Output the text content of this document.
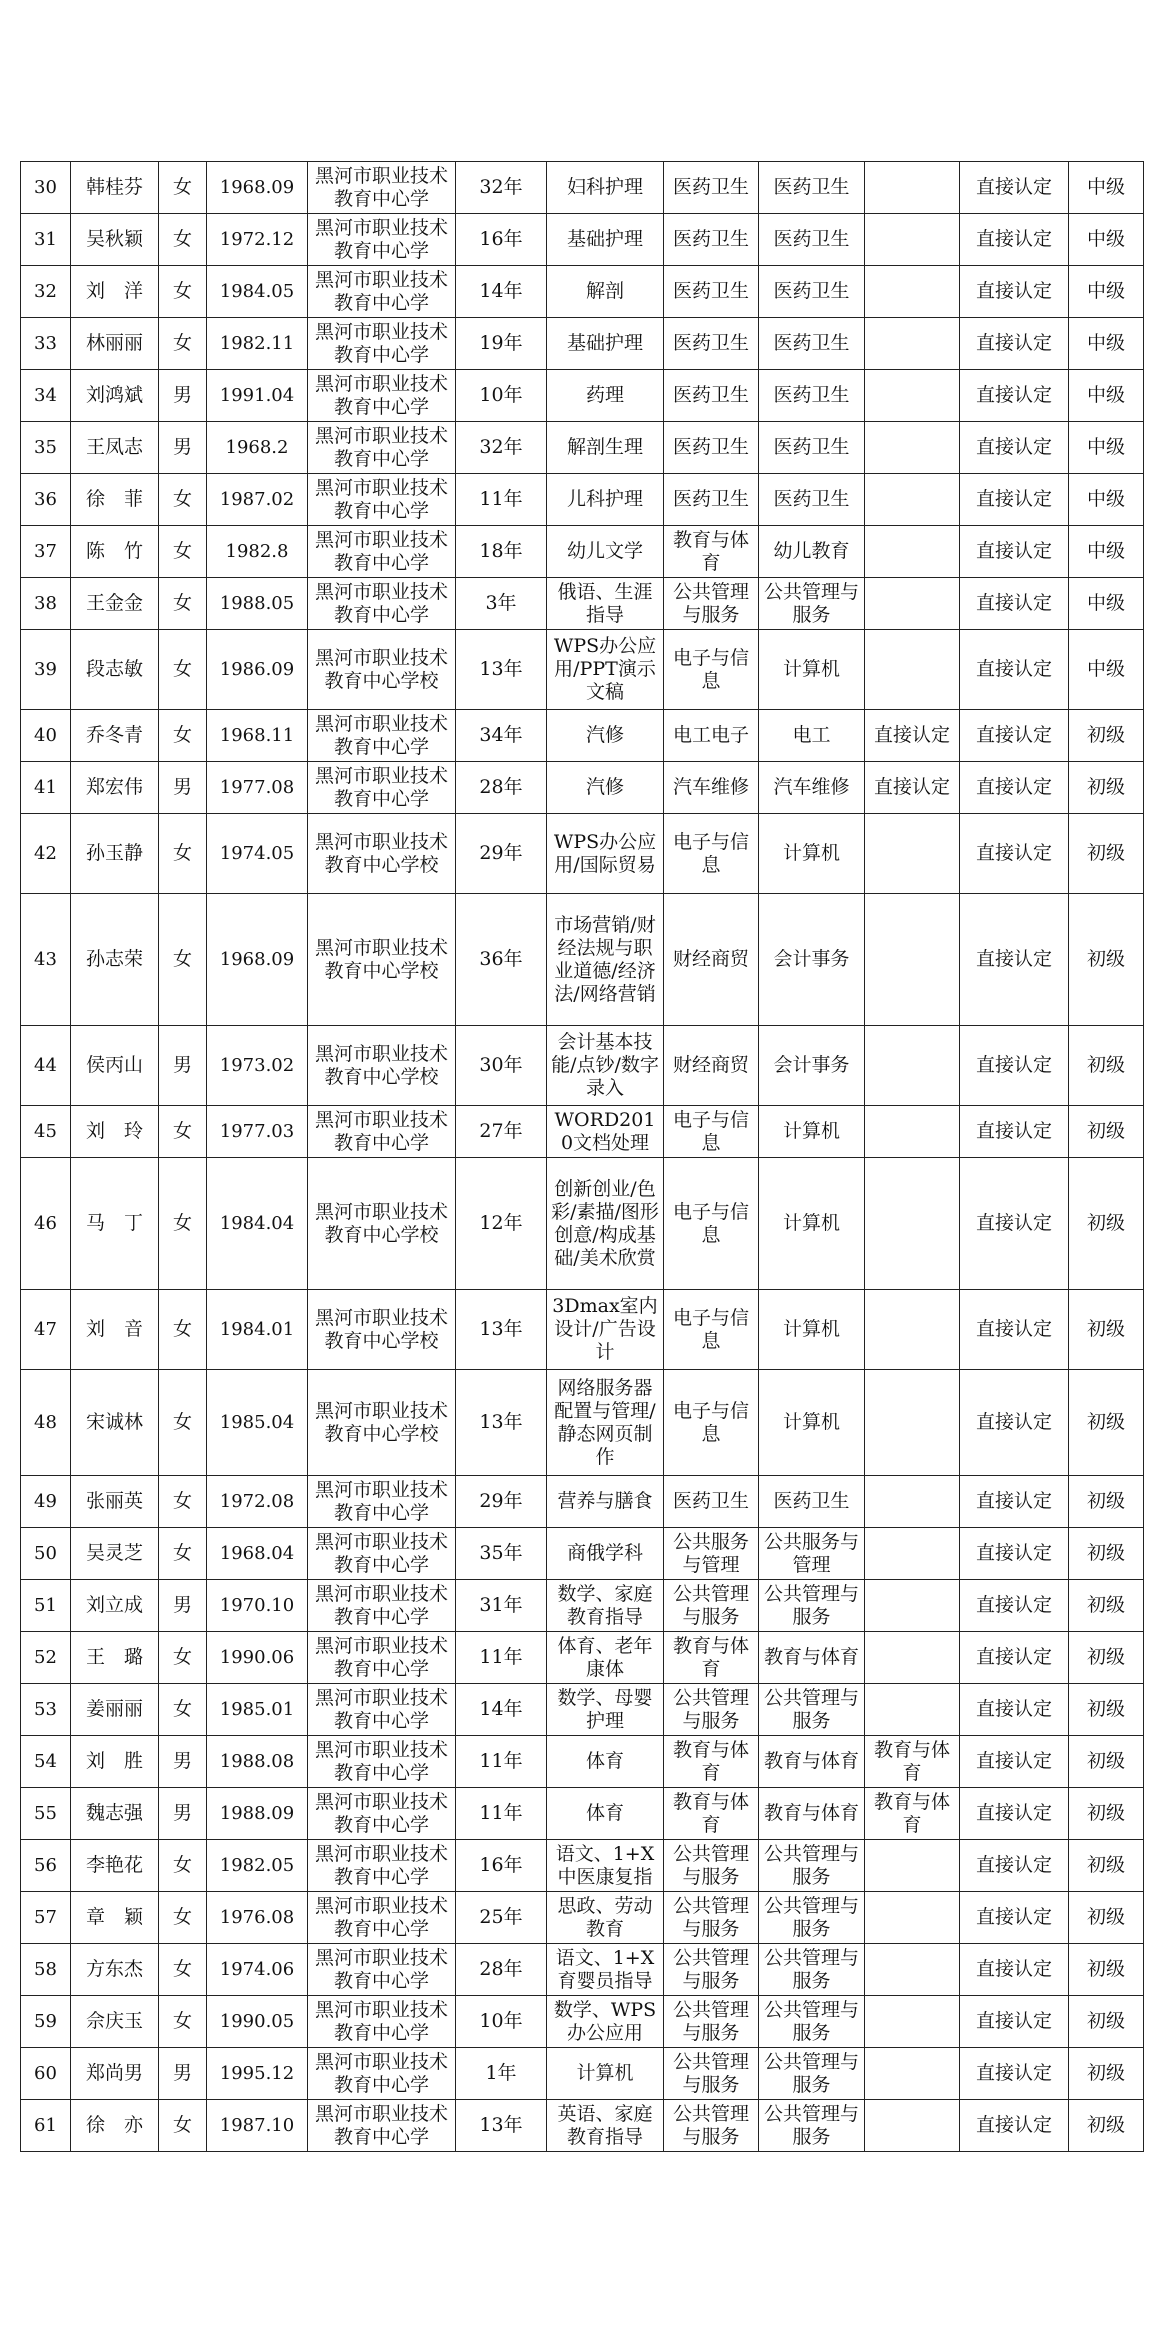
30	韩桂芬	女	1968.09	黑河市职业技术教育中心学	32年	妇科护理	医药卫生	医药卫生		直接认定	中级
31	吴秋颖	女	1972.12	黑河市职业技术教育中心学	16年	基础护理	医药卫生	医药卫生		直接认定	中级
32	刘　洋	女	1984.05	黑河市职业技术教育中心学	14年	解剖	医药卫生	医药卫生		直接认定	中级
33	林丽丽	女	1982.11	黑河市职业技术教育中心学	19年	基础护理	医药卫生	医药卫生		直接认定	中级
34	刘鸿斌	男	1991.04	黑河市职业技术教育中心学	10年	药理	医药卫生	医药卫生		直接认定	中级
35	王凤志	男	1968.2	黑河市职业技术教育中心学	32年	解剖生理	医药卫生	医药卫生		直接认定	中级
36	徐　菲	女	1987.02	黑河市职业技术教育中心学	11年	儿科护理	医药卫生	医药卫生		直接认定	中级
37	陈　竹	女	1982.8	黑河市职业技术教育中心学	18年	幼儿文学	教育与体育	幼儿教育		直接认定	中级
38	王金金	女	1988.05	黑河市职业技术教育中心学	3年	俄语、生涯指导	公共管理与服务	公共管理与服务		直接认定	中级
39	段志敏	女	1986.09	黑河市职业技术教育中心学校	13年	WPS办公应用/PPT演示文稿	电子与信息	计算机		直接认定	中级
40	乔冬青	女	1968.11	黑河市职业技术教育中心学	34年	汽修	电工电子	电工	直接认定	直接认定	初级
41	郑宏伟	男	1977.08	黑河市职业技术教育中心学	28年	汽修	汽车维修	汽车维修	直接认定	直接认定	初级
42	孙玉静	女	1974.05	黑河市职业技术教育中心学校	29年	WPS办公应用/国际贸易	电子与信息	计算机		直接认定	初级
43	孙志荣	女	1968.09	黑河市职业技术教育中心学校	36年	市场营销/财经法规与职业道德/经济法/网络营销	财经商贸	会计事务		直接认定	初级
44	侯丙山	男	1973.02	黑河市职业技术教育中心学校	30年	会计基本技能/点钞/数字录入	财经商贸	会计事务		直接认定	初级
45	刘　玲	女	1977.03	黑河市职业技术教育中心学	27年	WORD2010文档处理	电子与信息	计算机		直接认定	初级
46	马　丁	女	1984.04	黑河市职业技术教育中心学校	12年	创新创业/色彩/素描/图形创意/构成基础/美术欣赏	电子与信息	计算机		直接认定	初级
47	刘　音	女	1984.01	黑河市职业技术教育中心学校	13年	3Dmax室内设计/广告设计	电子与信息	计算机		直接认定	初级
48	宋诚林	女	1985.04	黑河市职业技术教育中心学校	13年	网络服务器配置与管理/静态网页制作	电子与信息	计算机		直接认定	初级
49	张丽英	女	1972.08	黑河市职业技术教育中心学	29年	营养与膳食	医药卫生	医药卫生		直接认定	初级
50	吴灵芝	女	1968.04	黑河市职业技术教育中心学	35年	商俄学科	公共服务与管理	公共服务与管理		直接认定	初级
51	刘立成	男	1970.10	黑河市职业技术教育中心学	31年	数学、家庭教育指导	公共管理与服务	公共管理与服务		直接认定	初级
52	王　璐	女	1990.06	黑河市职业技术教育中心学	11年	体育、老年康体	教育与体育	教育与体育		直接认定	初级
53	姜丽丽	女	1985.01	黑河市职业技术教育中心学	14年	数学、母婴护理	公共管理与服务	公共管理与服务		直接认定	初级
54	刘　胜	男	1988.08	黑河市职业技术教育中心学	11年	体育	教育与体育	教育与体育	教育与体育	直接认定	初级
55	魏志强	男	1988.09	黑河市职业技术教育中心学	11年	体育	教育与体育	教育与体育	教育与体育	直接认定	初级
56	李艳花	女	1982.05	黑河市职业技术教育中心学	16年	语文、1+X中医康复指	公共管理与服务	公共管理与服务		直接认定	初级
57	章　颖	女	1976.08	黑河市职业技术教育中心学	25年	思政、劳动教育	公共管理与服务	公共管理与服务		直接认定	初级
58	方东杰	女	1974.06	黑河市职业技术教育中心学	28年	语文、1+X育婴员指导	公共管理与服务	公共管理与服务		直接认定	初级
59	佘庆玉	女	1990.05	黑河市职业技术教育中心学	10年	数学、WPS办公应用	公共管理与服务	公共管理与服务		直接认定	初级
60	郑尚男	男	1995.12	黑河市职业技术教育中心学	1年	计算机	公共管理与服务	公共管理与服务		直接认定	初级
61	徐　亦	女	1987.10	黑河市职业技术教育中心学	13年	英语、家庭教育指导	公共管理与服务	公共管理与服务		直接认定	初级
